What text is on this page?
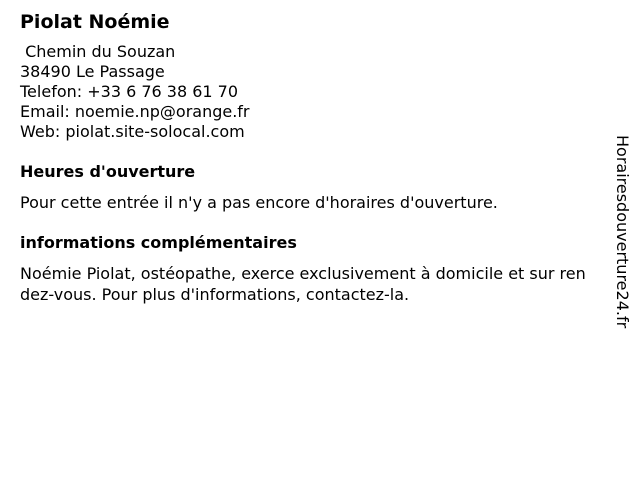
Piolat Noémie
Chemin du Souzan
38490 Le Passage
Telefon: +33 6 76 38 61 70
Email: noemie.np@orange.fr
Web: piolat.site-solocal.com
Heures d'ouverture
Pour cette entrée il n'y a pas encore d'horaires d'ouverture.
informations complémentaires
Noémie Piolat, ostéopathe, exerce exclusivement à domicile et sur rendez-vous. Pour plus d'informations, contactez-la.	Horairesdouverture24.fr
